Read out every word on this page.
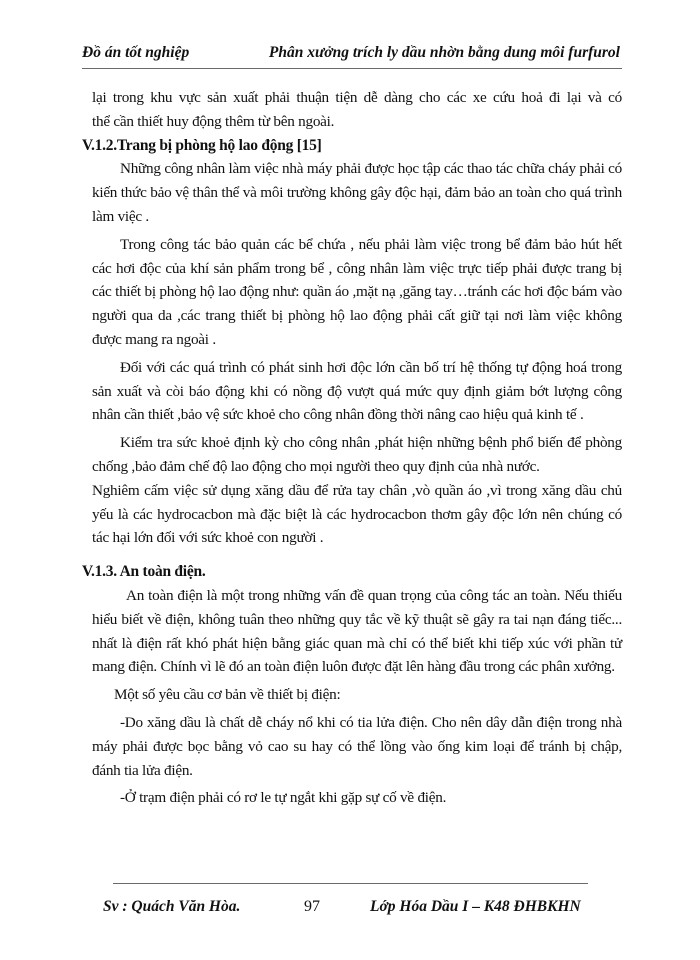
Đồ án tốt nghiệp	Phân xưởng trích ly dầu nhờn bằng dung môi furfurol

lại trong khu vực sản xuất phải thuận tiện dễ dàng cho các xe cứu hoả đi lại và có

thể cần thiết huy động thêm từ bên ngoài.

V.1.2.Trang bị phòng hộ lao động [15]

Những công nhân làm việc nhà máy phải được học tập các thao tác chữa cháy phải có kiến thức bảo vệ thân thể và môi trường không gây độc hại, đảm bảo an toàn cho quá trình làm việc .

Trong công tác bảo quản các bể chứa , nếu phải làm việc trong bể đảm bảo hút hết các hơi độc của khí sản phẩm trong bể , công nhân làm việc trực tiếp phải được trang bị các thiết bị phòng hộ lao động như: quần áo ,mặt nạ ,găng tay…tránh các hơi độc bám vào người qua da ,các trang thiết bị phòng hộ lao động phải cất giữ tại nơi làm việc không được mang ra ngoài .

Đối với các quá trình có phát sinh hơi độc lớn cần bố trí hệ thống tự động hoá trong sản xuất và còi báo động khi có nồng độ vượt quá mức quy định giảm bớt lượng công nhân cần thiết ,bảo vệ sức khoẻ cho công nhân đồng thời nâng cao hiệu quả kinh tế .

Kiểm tra sức khoẻ định kỳ cho công nhân ,phát hiện những bệnh phổ biến để phòng chống ,bảo đảm chế độ lao động cho mọi người theo quy định của nhà nước.

Nghiêm cấm việc sử dụng xăng dầu để rửa tay chân ,vò quần áo ,vì trong xăng dầu chủ yếu là các hydrocacbon mà đặc biệt là các hydrocacbon thơm gây độc lớn nên chúng có tác hại lớn đối với sức khoẻ con người .

V.1.3. An toàn điện.

An toàn điện là một trong những vấn đề quan trọng của công tác an toàn. Nếu thiếu hiểu biết về điện, không tuân theo những quy tắc về kỹ thuật sẽ gây ra tai nạn đáng tiếc... nhất là điện rất khó phát hiện bằng giác quan mà chỉ có thể biết khi tiếp xúc với phần tử mang điện. Chính vì lẽ đó an toàn điện luôn được đặt lên hàng đầu trong các phân xưởng.

Một số yêu cầu cơ bản về thiết bị điện:

-Do xăng dầu là chất dễ cháy nổ khi có tia lửa điện. Cho nên dây dẫn điện trong nhà máy phải được bọc bằng vỏ cao su hay có thể lồng vào ống kim loại để tránh bị chập, đánh tia lửa điện.

-Ở trạm điện phải có rơ le tự ngắt khi gặp sự cố về điện.

Sv : Quách Văn Hòa.	97	Lớp Hóa Dầu I – K48 ĐHBKHN
